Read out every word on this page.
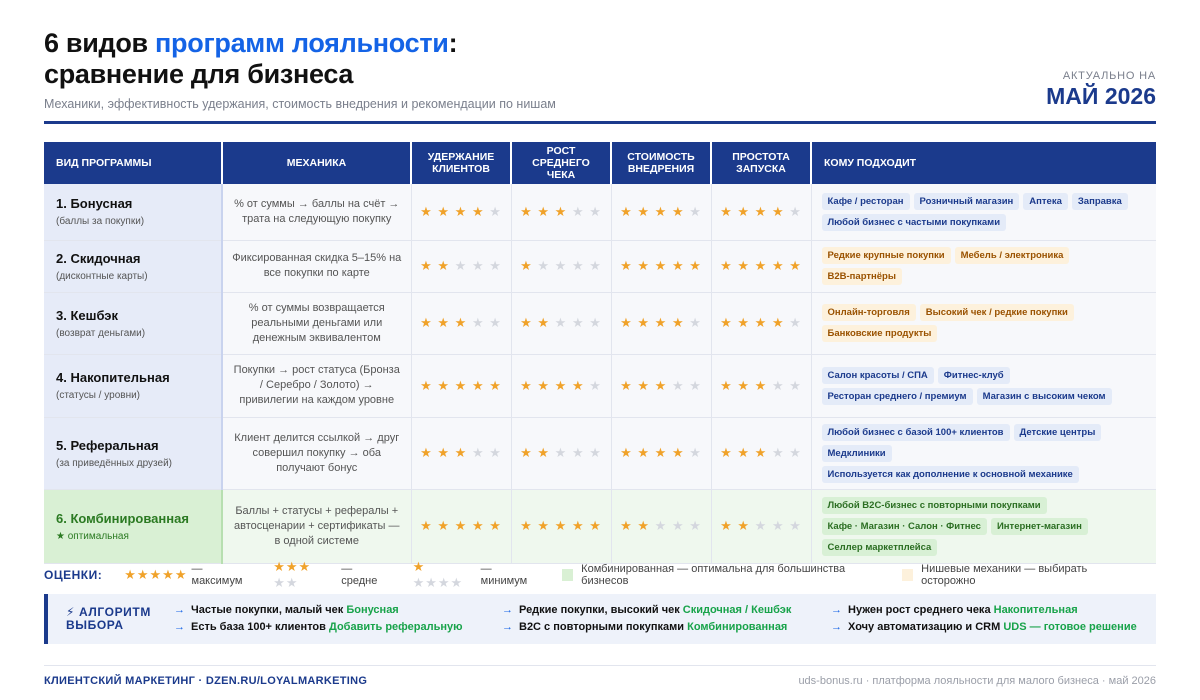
6 видов программ лояльности:
сравнение для бизнеса
Механики, эффективность удержания, стоимость внедрения и рекомендации по нишам
АКТУАЛЬНО НА
МАЙ 2026
ВИД ПРОГРАММЫ	МЕХАНИКА	УДЕРЖАНИЕ КЛИЕНТОВ	РОСТ СРЕДНЕГО ЧЕКА	СТОИМОСТЬ ВНЕДРЕНИЯ	ПРОСТОТА ЗАПУСКА	КОМУ ПОДХОДИТ

1. Бонусная
(баллы за покупки)	% от суммы → баллы на счёт → трата на следующую покупку	★ ★ ★ ★ ★	★ ★ ★ ★ ★	★ ★ ★ ★ ★	★ ★ ★ ★ ★	Кафе / ресторан Розничный магазин Аптека ЗаправкаЛюбой бизнес с частыми покупками

2. Скидочная
(дисконтные карты)	Фиксированная скидка 5–15% на все покупки по карте	★ ★ ★ ★ ★	★ ★ ★ ★ ★	★ ★ ★ ★ ★	★ ★ ★ ★ ★	Редкие крупные покупки Мебель / электроникаB2B-партнёры

3. Кешбэк
(возврат деньгами)	% от суммы возвращается реальными деньгами или денежным эквивалентом	★ ★ ★ ★ ★	★ ★ ★ ★ ★	★ ★ ★ ★ ★	★ ★ ★ ★ ★	Онлайн-торговля Высокий чек / редкие покупкиБанковские продукты

4. Накопительная
(статусы / уровни)	Покупки → рост статуса (Бронза / Серебро / Золото) → привилегии на каждом уровне	★ ★ ★ ★ ★	★ ★ ★ ★ ★	★ ★ ★ ★ ★	★ ★ ★ ★ ★	Салон красоты / СПА Фитнес-клубРесторан среднего / премиум Магазин с высоким чеком

5. Реферальная
(за приведённых друзей)	Клиент делится ссылкой → друг совершил покупку → оба получают бонус	★ ★ ★ ★ ★	★ ★ ★ ★ ★	★ ★ ★ ★ ★	★ ★ ★ ★ ★	Любой бизнес с базой 100+ клиентов Детские центрыМедклиникиИспользуется как дополнение к основной механике

6. Комбинированная
★ оптимальная	Баллы + статусы + рефералы + автосценарии + сертификаты — в одной системе	★ ★ ★ ★ ★	★ ★ ★ ★ ★	★ ★ ★ ★ ★	★ ★ ★ ★ ★	Любой B2C-бизнес с повторными покупкамиКафе · Магазин · Салон · Фитнес Интернет-магазинСеллер маркетплейса
ОЦЕНКИ: ★★★★★ — максимум
★★★ ★★
— средне
★ ★★★★
— минимум
Комбинированная — оптимальна для большинства бизнесов
Нишевые механики — выбирать осторожно
⚡ АЛГОРИТМ
ВЫБОРА
→ Частые покупки, малый чек Бонусная
→ Есть база 100+ клиентов Добавить реферальную
→ Редкие покупки, высокий чек Скидочная / Кешбэк
→ B2C с повторными покупками Комбинированная
→ Нужен рост среднего чека Накопительная
→ Хочу автоматизацию и CRM UDS — готовое решение
КЛИЕНТСКИЙ МАРКЕТИНГ · DZEN.RU/LOYALMARKETING	uds-bonus.ru · платформа лояльности для малого бизнеса · май 2026
